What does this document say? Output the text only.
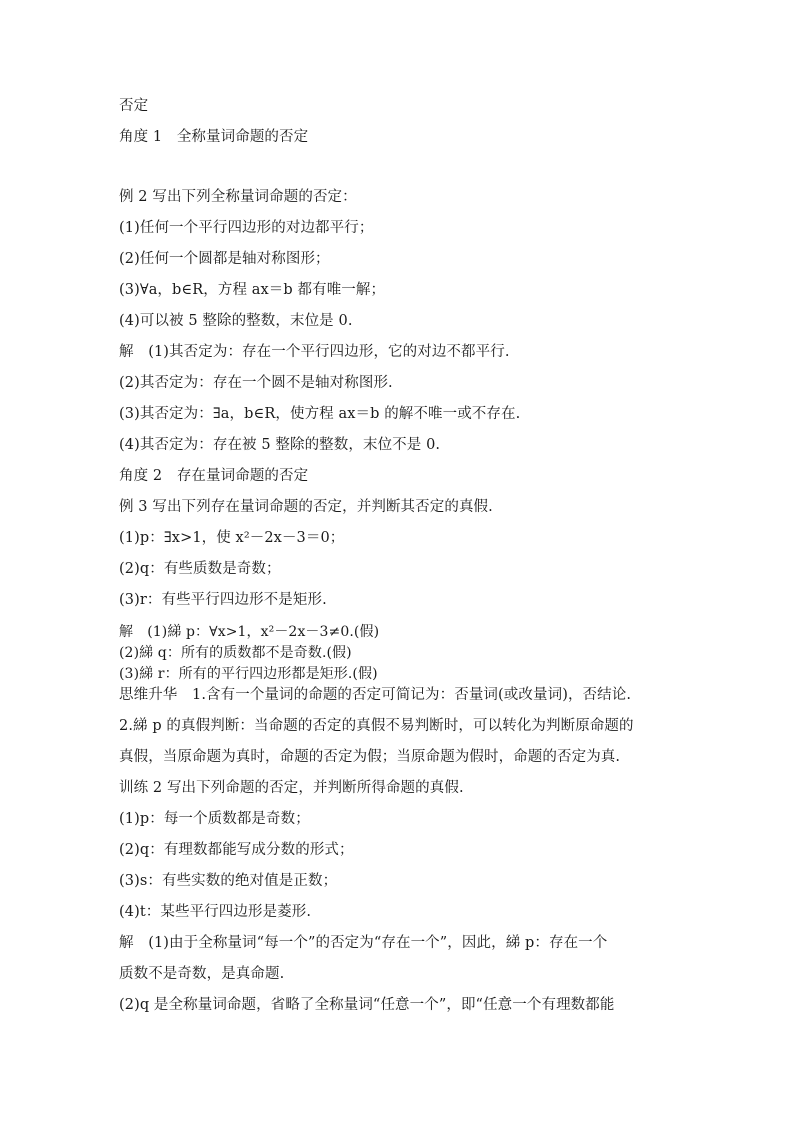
否定
角度 1　全称量词命题的否定
例 2 写出下列全称量词命题的否定：
(1)任何一个平行四边形的对边都平行；
(2)任何一个圆都是轴对称图形；
(3)∀a，b∈R，方程 ax＝b 都有唯一解；
(4)可以被 5 整除的整数，末位是 0.
解　(1)其否定为：存在一个平行四边形，它的对边不都平行.
(2)其否定为：存在一个圆不是轴对称图形.
(3)其否定为：∃a，b∈R，使方程 ax＝b 的解不唯一或不存在.
(4)其否定为：存在被 5 整除的整数，末位不是 0.
角度 2　存在量词命题的否定
例 3 写出下列存在量词命题的否定，并判断其否定的真假.
(1)p：∃x>1，使 x²－2x－3＝0；
(2)q：有些质数是奇数；
(3)r：有些平行四边形不是矩形.
解　(1)綈 p：∀x>1，x²－2x－3≠0.(假)
(2)綈 q：所有的质数都不是奇数.(假)
(3)綈 r：所有的平行四边形都是矩形.(假)
思维升华　1.含有一个量词的命题的否定可简记为：否量词(或改量词)，否结论.
2.綈 p 的真假判断：当命题的否定的真假不易判断时，可以转化为判断原命题的
真假，当原命题为真时，命题的否定为假；当原命题为假时，命题的否定为真.
训练 2 写出下列命题的否定，并判断所得命题的真假.
(1)p：每一个质数都是奇数；
(2)q：有理数都能写成分数的形式；
(3)s：有些实数的绝对值是正数；
(4)t：某些平行四边形是菱形.
解　(1)由于全称量词“每一个”的否定为“存在一个”，因此，綈 p：存在一个
质数不是奇数，是真命题.
(2)q 是全称量词命题，省略了全称量词“任意一个”，即“任意一个有理数都能
